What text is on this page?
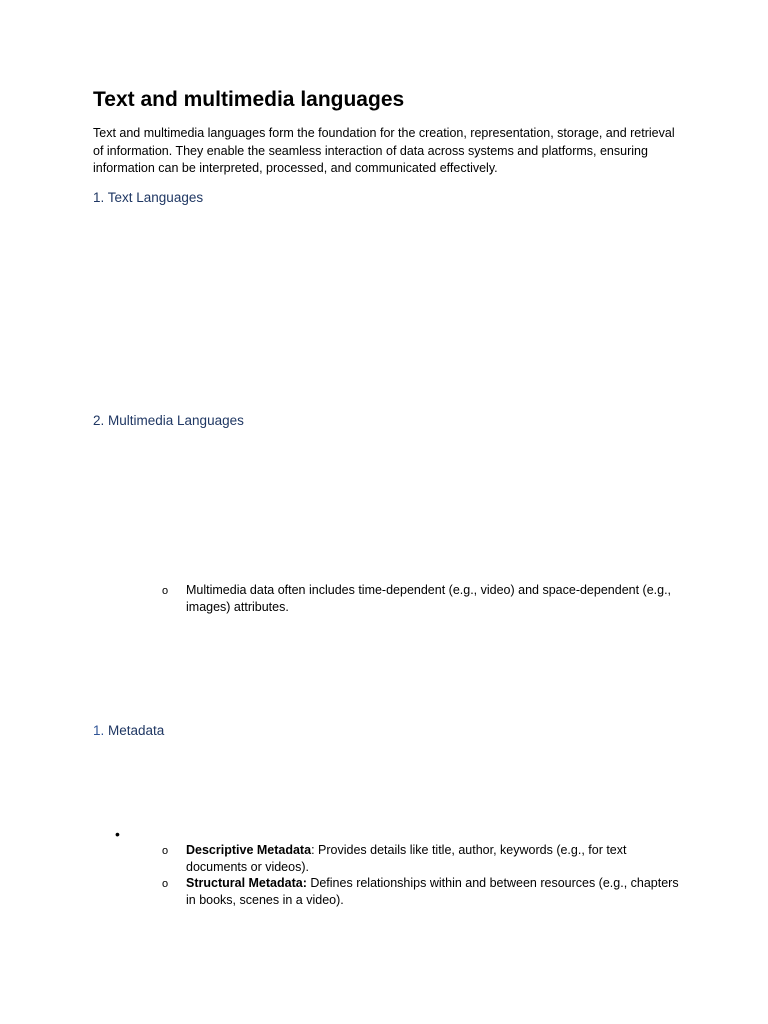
Text and multimedia languages

Text and multimedia languages form the foundation for the creation, representation, storage, and retrieval of information. They enable the seamless interaction of data across systems and platforms, ensuring information can be interpreted, processed, and communicated effectively.

1. Text Languages
2. Multimedia Languages
o Multimedia data often includes time-dependent (e.g., video) and space-dependent (e.g., images) attributes.

1. Metadata
•
o Descriptive Metadata: Provides details like title, author, keywords (e.g., for text documents or videos).

o Structural Metadata: Defines relationships within and between resources (e.g., chapters in books, scenes in a video).
